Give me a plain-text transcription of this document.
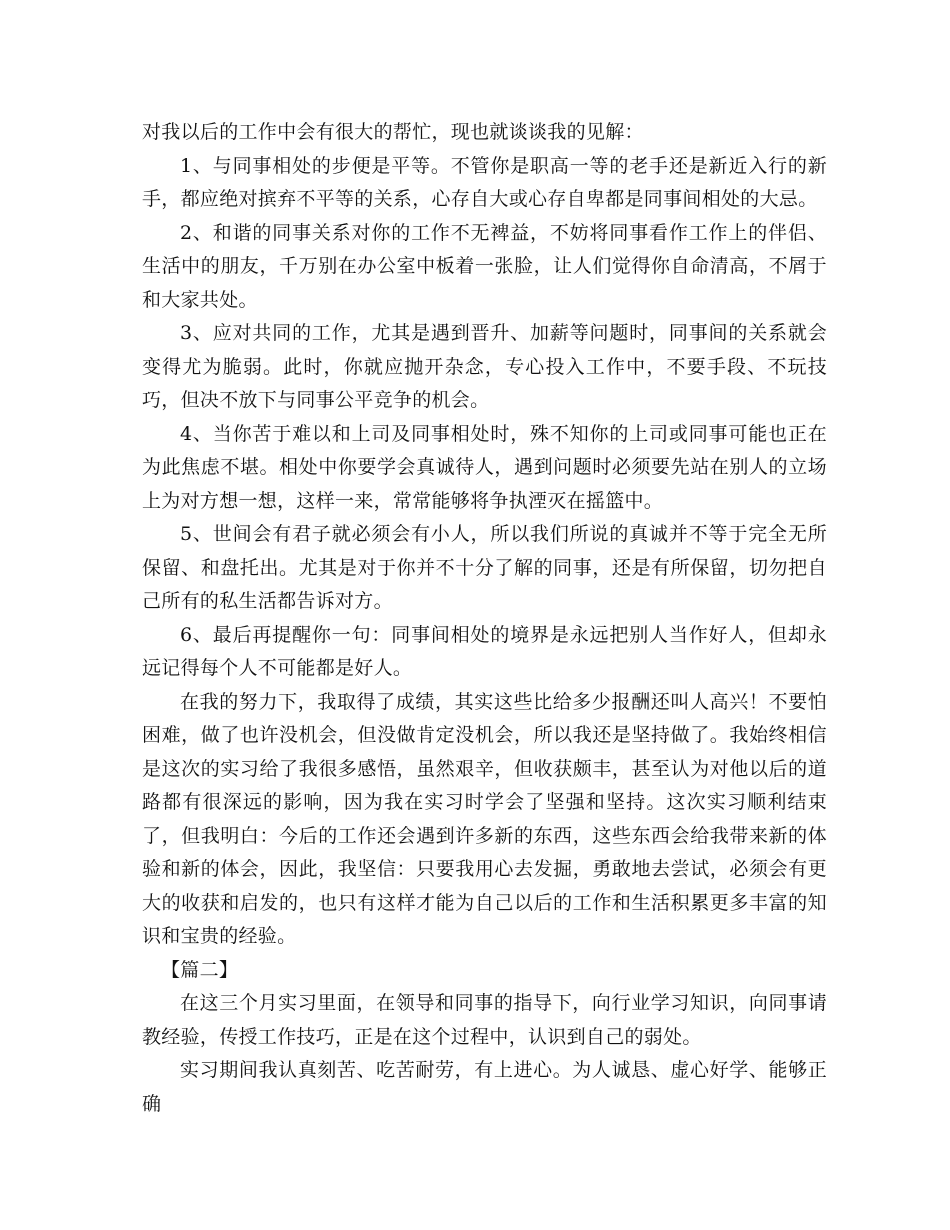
对我以后的工作中会有很大的帮忙，现也就谈谈我的见解：

1、与同事相处的步便是平等。不管你是职高一等的老手还是新近入行的新手，都应绝对摈弃不平等的关系，心存自大或心存自卑都是同事间相处的大忌。

2、和谐的同事关系对你的工作不无裨益，不妨将同事看作工作上的伴侣、生活中的朋友，千万别在办公室中板着一张脸，让人们觉得你自命清高，不屑于和大家共处。

3、应对共同的工作，尤其是遇到晋升、加薪等问题时，同事间的关系就会变得尤为脆弱。此时，你就应抛开杂念，专心投入工作中，不要手段、不玩技巧，但决不放下与同事公平竞争的机会。

4、当你苦于难以和上司及同事相处时，殊不知你的上司或同事可能也正在为此焦虑不堪。相处中你要学会真诚待人，遇到问题时必须要先站在别人的立场上为对方想一想，这样一来，常常能够将争执湮灭在摇篮中。

5、世间会有君子就必须会有小人，所以我们所说的真诚并不等于完全无所保留、和盘托出。尤其是对于你并不十分了解的同事，还是有所保留，切勿把自己所有的私生活都告诉对方。

6、最后再提醒你一句：同事间相处的境界是永远把别人当作好人，但却永远记得每个人不可能都是好人。

在我的努力下，我取得了成绩，其实这些比给多少报酬还叫人高兴！不要怕困难，做了也许没机会，但没做肯定没机会，所以我还是坚持做了。我始终相信是这次的实习给了我很多感悟，虽然艰辛，但收获颇丰，甚至认为对他以后的道路都有很深远的影响，因为我在实习时学会了坚强和坚持。这次实习顺利结束了，但我明白：今后的工作还会遇到许多新的东西，这些东西会给我带来新的体验和新的体会，因此，我坚信：只要我用心去发掘，勇敢地去尝试，必须会有更大的收获和启发的，也只有这样才能为自己以后的工作和生活积累更多丰富的知识和宝贵的经验。

【篇二】

在这三个月实习里面，在领导和同事的指导下，向行业学习知识，向同事请教经验，传授工作技巧，正是在这个过程中，认识到自己的弱处。

实习期间我认真刻苦、吃苦耐劳，有上进心。为人诚恳、虚心好学、能够正确
